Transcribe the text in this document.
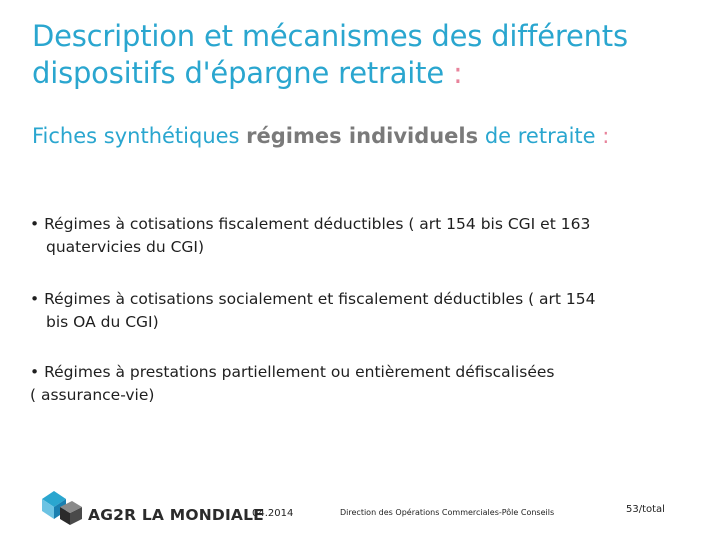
Description et mécanismes des différents dispositifs d'épargne retraite :
Fiches synthétiques régimes individuels de retraite :

• Régimes à cotisations fiscalement déductibles ( art 154 bis CGI et 163
quatervicies du CGI)

• Régimes à cotisations socialement et fiscalement déductibles ( art 154
bis OA du CGI)

• Régimes à prestations partiellement ou entièrement défiscalisées
( assurance-vie)

AG2R LA MONDIALE
04.2014	Direction des Opérations Commerciales-Pôle Conseils	53/total
